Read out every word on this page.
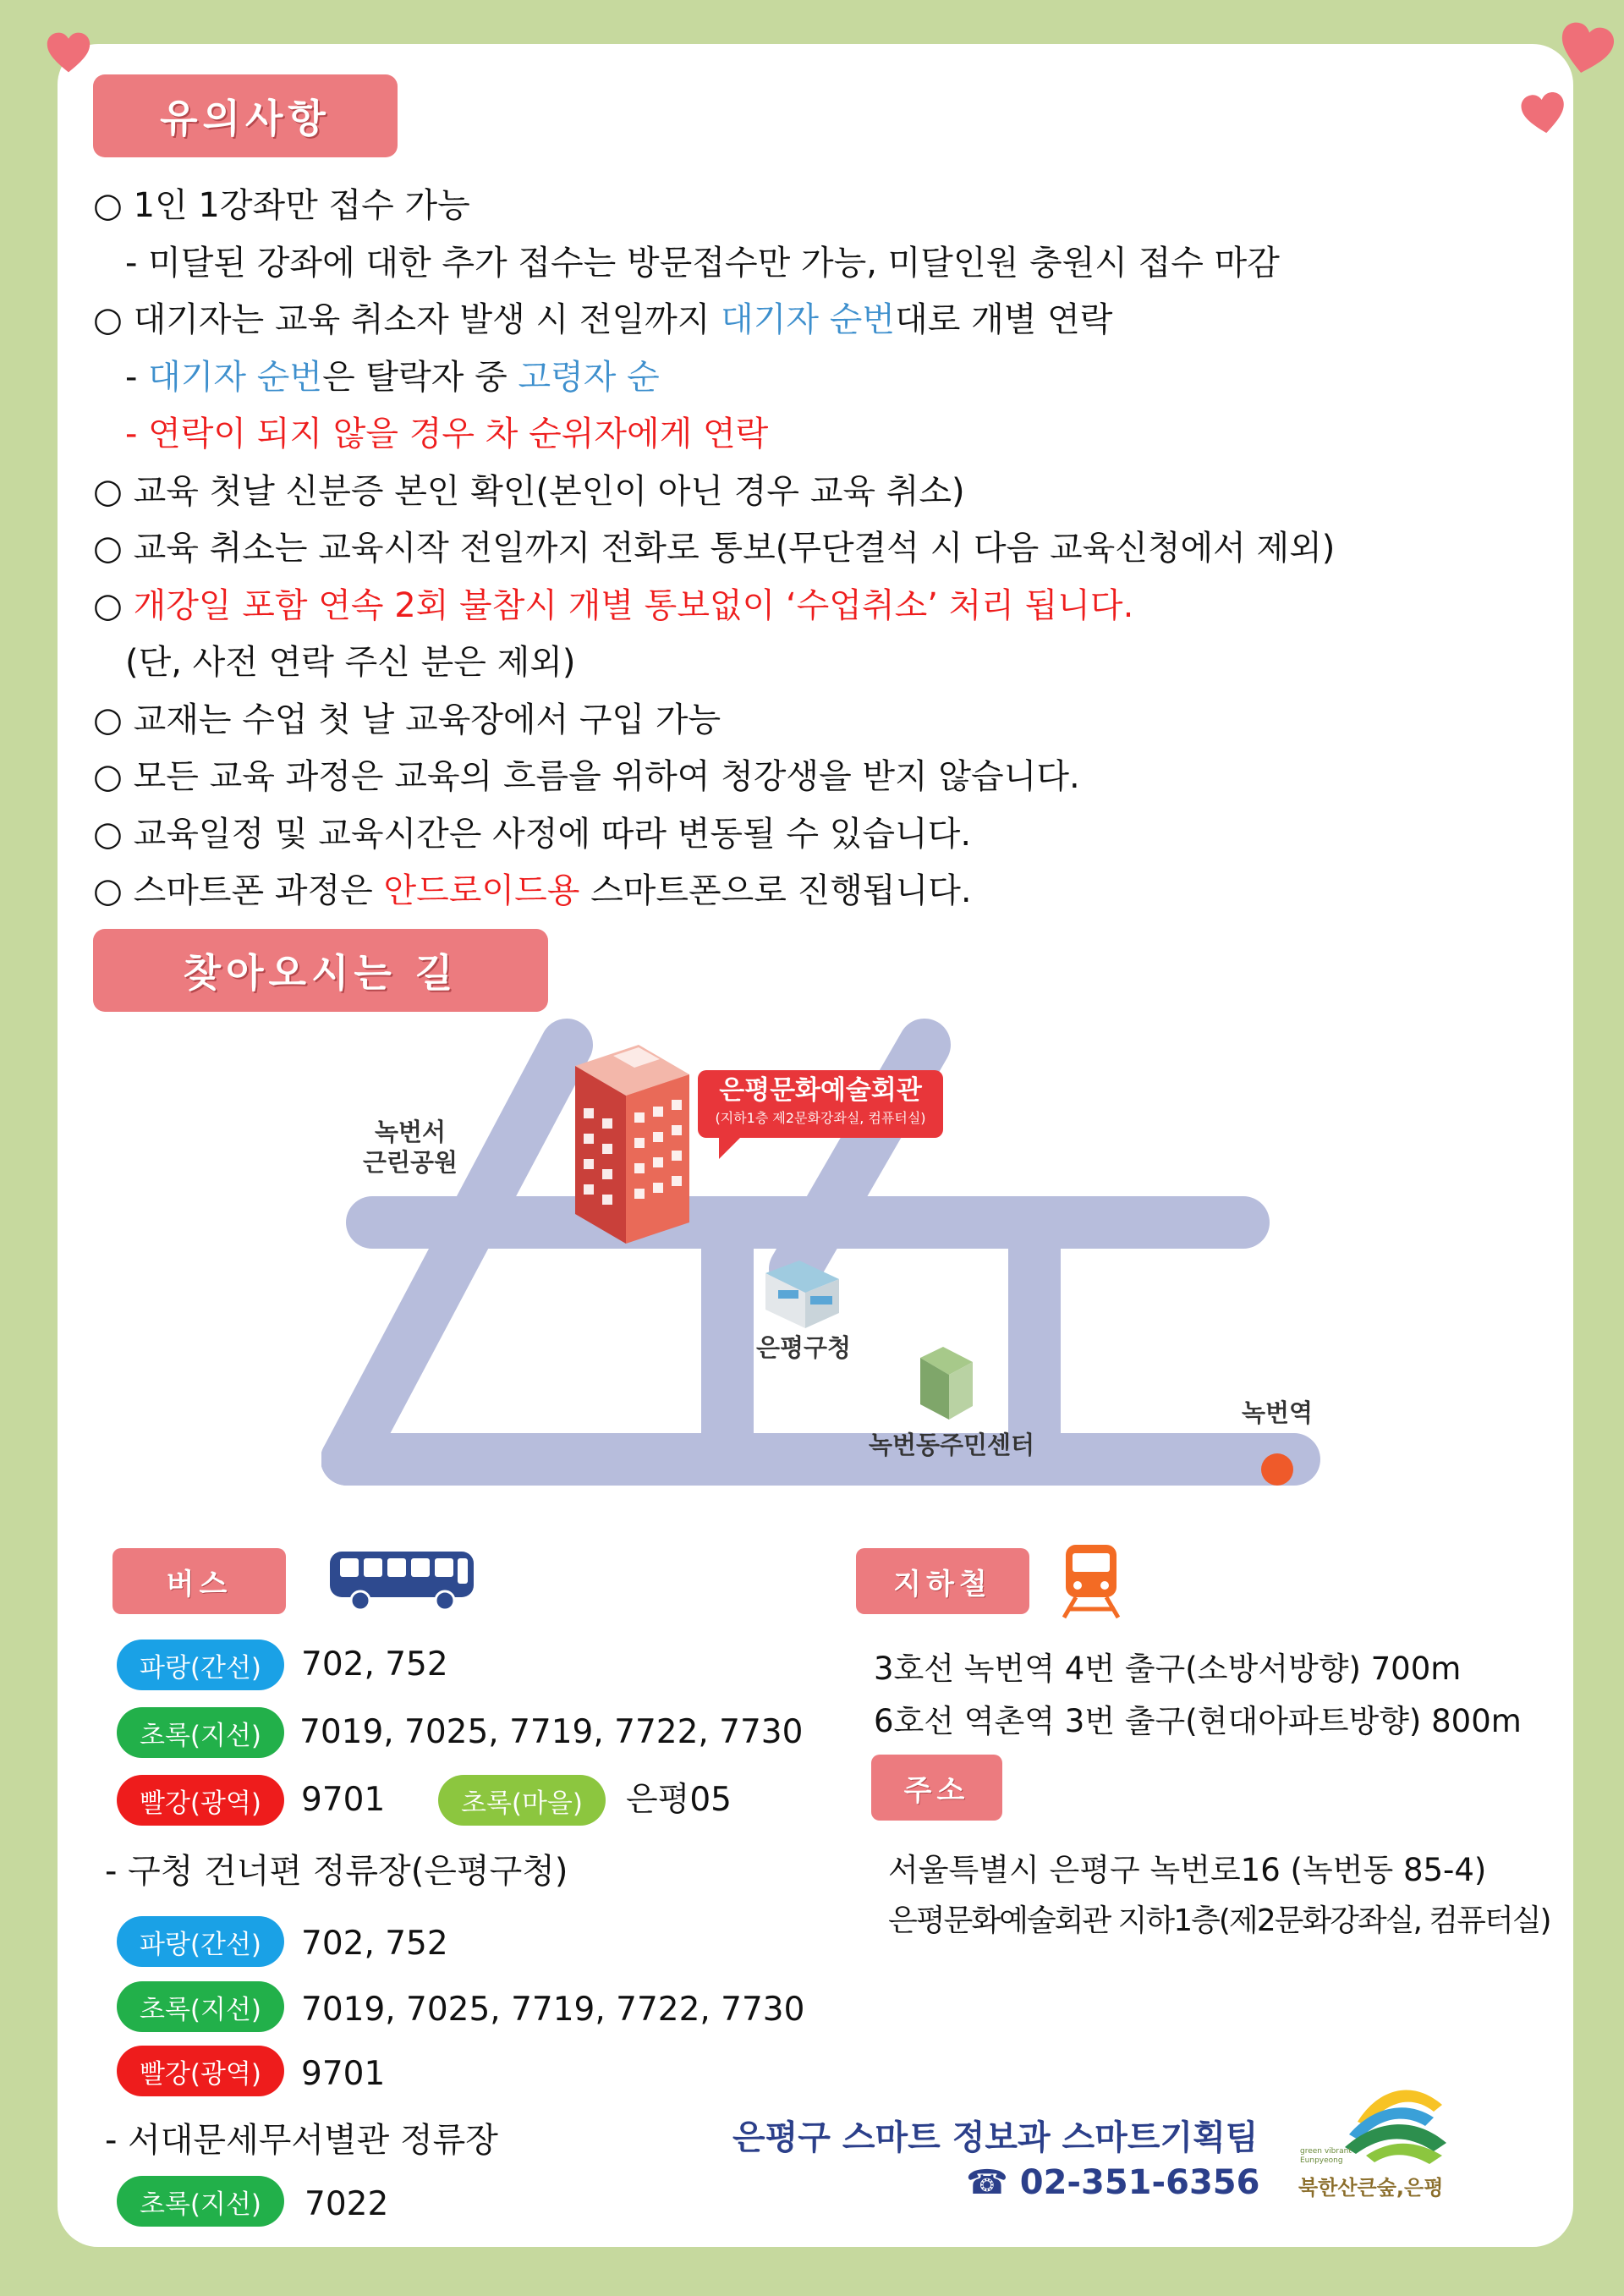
유의사항
○ 1인 1강좌만 접수 가능
- 미달된 강좌에 대한 추가 접수는 방문접수만 가능, 미달인원 충원시 접수 마감
○ 대기자는 교육 취소자 발생 시 전일까지 대기자 순번대로 개별 연락
- 대기자 순번은 탈락자 중 고령자 순
- 연락이 되지 않을 경우 차 순위자에게 연락
○ 교육 첫날 신분증 본인 확인(본인이 아닌 경우 교육 취소)
○ 교육 취소는 교육시작 전일까지 전화로 통보(무단결석 시 다음 교육신청에서 제외)
○ 개강일 포함 연속 2회 불참시 개별 통보없이 ‘수업취소’ 처리 됩니다.
(단, 사전 연락 주신 분은 제외)
○ 교재는 수업 첫 날 교육장에서 구입 가능
○ 모든 교육 과정은 교육의 흐름을 위하여 청강생을 받지 않습니다.
○ 교육일정 및 교육시간은 사정에 따라 변동될 수 있습니다.
○ 스마트폰 과정은 안드로이드용 스마트폰으로 진행됩니다.
찾아오시는 길
은평문화예술회관
(지하1층 제2문화강좌실, 컴퓨터실)
녹번서
근린공원
은평구청
녹번동주민센터
녹번역
버스
파랑(간선)	702, 752
초록(지선)	7019, 7025, 7719, 7722, 7730
빨강(광역)	9701	초록(마을)	은평05
- 구청 건너편 정류장(은평구청)
파랑(간선)	702, 752
초록(지선)	7019, 7025, 7719, 7722, 7730
빨강(광역)	9701
- 서대문세무서별관 정류장
초록(지선)	7022
지하철
3호선 녹번역 4번 출구(소방서방향) 700m
6호선 역촌역 3번 출구(현대아파트방향) 800m
주소
서울특별시 은평구 녹번로16 (녹번동 85-4)
은평문화예술회관 지하1층(제2문화강좌실, 컴퓨터실)
은평구 스마트 정보과 스마트기획팀
☎ 02-351-6356
green vibrant Eunpyeong
북한산큰숲,은평
